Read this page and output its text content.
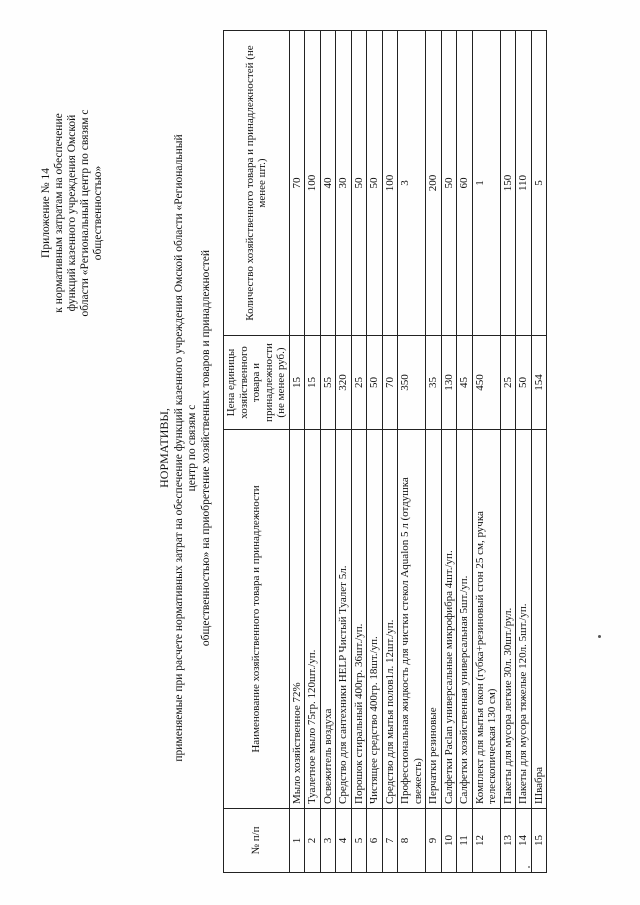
Приложение № 14 к нормативным затратам на обеспечение функций казенного учреждения Омской области «Региональный центр по связям с общественностью»
НОРМАТИВЫ, применяемые при расчете нормативных затрат на обеспечение функций казенного учреждения Омской области «Региональный центр по связям с общественностью» на приобретение хозяйственных товаров и принадлежностей
№ п/п	Наименование хозяйственного товара и принадлежности	Цена единицы хозяйственного товара и принадлежности (не менее руб.)	Количество хозяйственного товара и принадлежностей (не менее шт.)
1	Мыло хозяйственное 72%	15	70
2	Туалетное мыло 75гр. 120шт./уп.	15	100
3	Освежитель воздуха	55	40
4	Средство для сантехники HELP Чистый Туалет 5л.	320	30
5	Порошок стиральный 400гр. 36шт./уп.	25	50
6	Чистящее средство 400гр. 18шт./уп.	50	50
7	Средство для мытья полов1л. 12шт./уп.	70	100
8	Профессиональная жидкость для чистки стекол Aqualon 5 л (отдушка свежесть)	350	3
9	Перчатки резиновые	35	200
10	Салфетки Paclan универсальные микрофибра 4шт./уп.	130	50
11	Салфетки хозяйственная универсальная 5шт./уп.	45	60
12	Комплект для мытья окон (губка+резиновый сгон 25 см, ручка телескопическая 130 см)	450	1
13	Пакеты для мусора легкие 30л. 30шт./рул.	25	150
14	Пакеты для мусора тяжелые 120л. 5шт./уп.	50	110
15	Швабра	154	5
